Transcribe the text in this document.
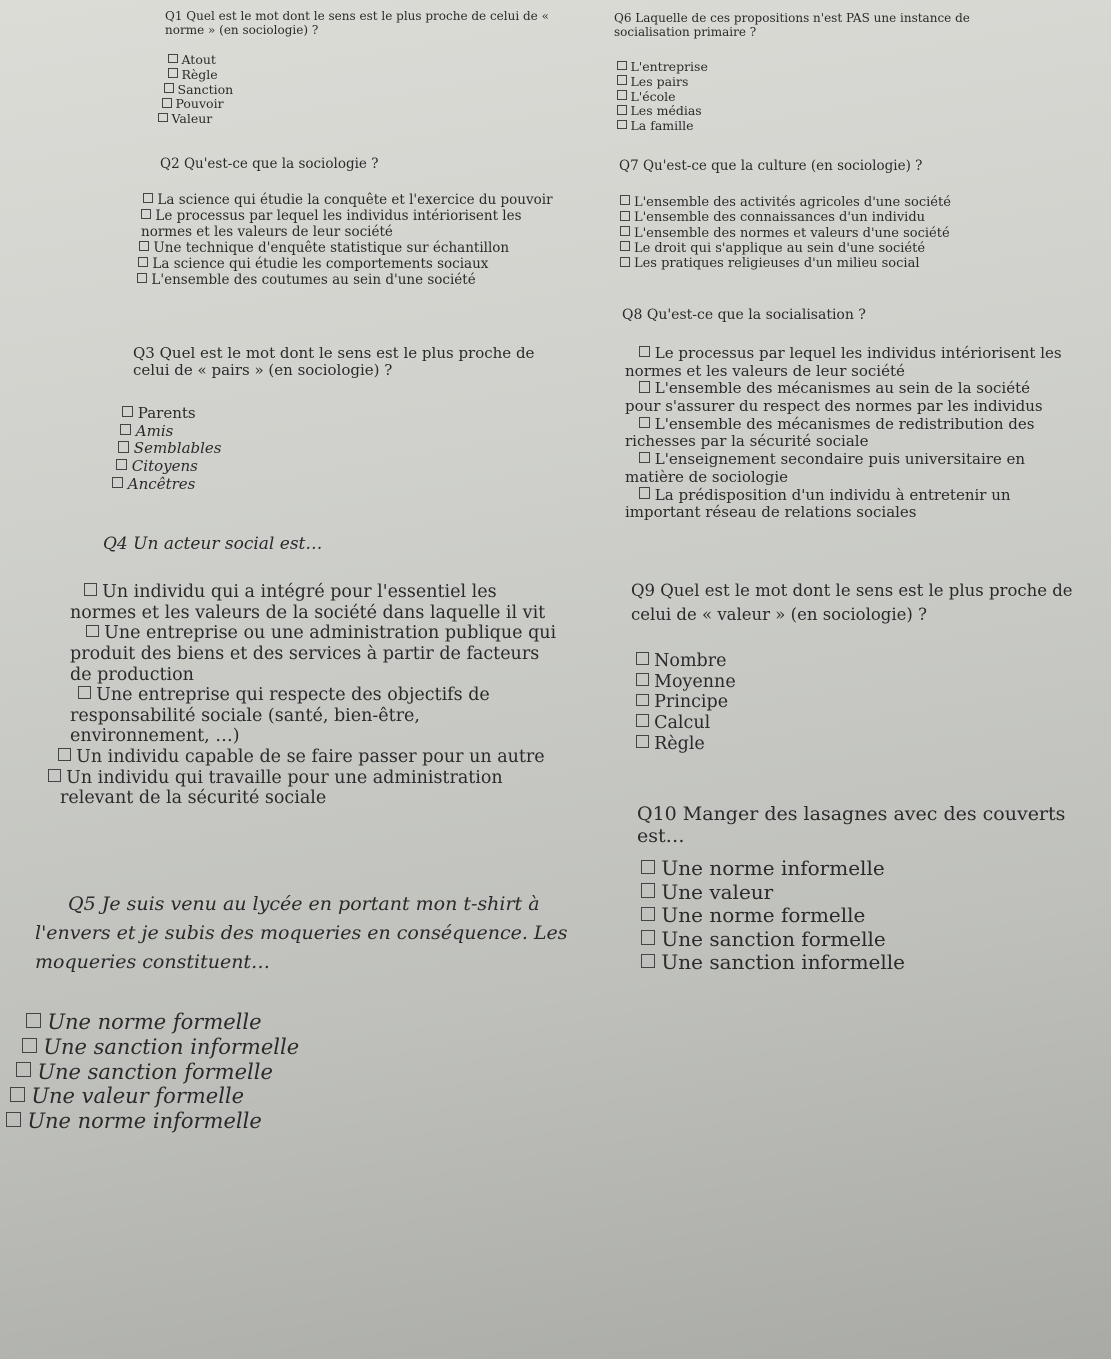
Q1 Quel est le mot dont le sens est le plus proche de celui de « norme » (en sociologie) ?
Atout
Règle
Sanction
Pouvoir
Valeur
Q2 Qu'est-ce que la sociologie ?
La science qui étudie la conquête et l'exercice du pouvoir
Le processus par lequel les individus intériorisent les normes et les valeurs de leur société
Une technique d'enquête statistique sur échantillon
La science qui étudie les comportements sociaux
L'ensemble des coutumes au sein d'une société
Q3 Quel est le mot dont le sens est le plus proche de celui de « pairs » (en sociologie) ?
Parents
Amis
Semblables
Citoyens
Ancêtres
Q4 Un acteur social est…
Un individu qui a intégré pour l'essentiel les normes et les valeurs de la société dans laquelle il vit
Une entreprise ou une administration publique qui produit des biens et des services à partir de facteurs de production
Une entreprise qui respecte des objectifs de responsabilité sociale (santé, bien-être, environnement, …)
Un individu capable de se faire passer pour un autre
Un individu qui travaille pour une administration relevant de la sécurité sociale
Q5 Je suis venu au lycée en portant mon t-shirt à l'envers et je subis des moqueries en conséquence. Les moqueries constituent…
Une norme formelle
Une sanction informelle
Une sanction formelle
Une valeur formelle
Une norme informelle
Q6 Laquelle de ces propositions n'est PAS une instance de socialisation primaire ?
L'entreprise
Les pairs
L'école
Les médias
La famille
Q7 Qu'est-ce que la culture (en sociologie) ?
L'ensemble des activités agricoles d'une société
L'ensemble des connaissances d'un individu
L'ensemble des normes et valeurs d'une société
Le droit qui s'applique au sein d'une société
Les pratiques religieuses d'un milieu social
Q8 Qu'est-ce que la socialisation ?
Le processus par lequel les individus intériorisent les normes et les valeurs de leur société
L'ensemble des mécanismes au sein de la société pour s'assurer du respect des normes par les individus
L'ensemble des mécanismes de redistribution des richesses par la sécurité sociale
L'enseignement secondaire puis universitaire en matière de sociologie
La prédisposition d'un individu à entretenir un important réseau de relations sociales
Q9 Quel est le mot dont le sens est le plus proche de celui de « valeur » (en sociologie) ?
Nombre
Moyenne
Principe
Calcul
Règle
Q10 Manger des lasagnes avec des couverts est…
Une norme informelle
Une valeur
Une norme formelle
Une sanction formelle
Une sanction informelle
